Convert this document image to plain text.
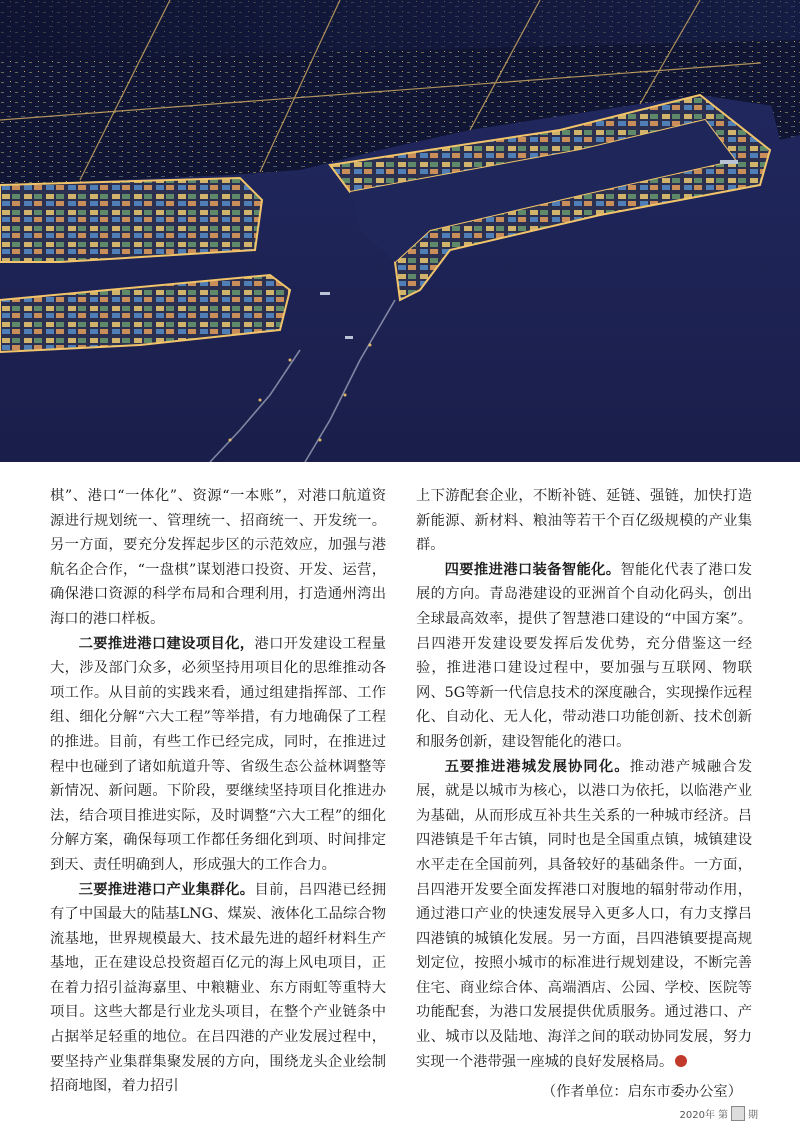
棋”、港口“一体化”、资源“一本账”，对港口航道资源进行规划统一、管理统一、招商统一、开发统一。另一方面，要充分发挥起步区的示范效应，加强与港航名企合作，“一盘棋”谋划港口投资、开发、运营，确保港口资源的科学布局和合理利用，打造通州湾出海口的港口样板。

二要推进港口建设项目化，港口开发建设工程量大，涉及部门众多，必须坚持用项目化的思维推动各项工作。从目前的实践来看，通过组建指挥部、工作组、细化分解“六大工程”等举措，有力地确保了工程的推进。目前，有些工作已经完成，同时，在推进过程中也碰到了诸如航道升等、省级生态公益林调整等新情况、新问题。下阶段，要继续坚持项目化推进办法，结合项目推进实际，及时调整“六大工程”的细化分解方案，确保每项工作都任务细化到项、时间排定到天、责任明确到人，形成强大的工作合力。

三要推进港口产业集群化。目前，吕四港已经拥有了中国最大的陆基LNG、煤炭、液体化工品综合物流基地，世界规模最大、技术最先进的超纤材料生产基地，正在建设总投资超百亿元的海上风电项目，正在着力招引益海嘉里、中粮糖业、东方雨虹等重特大项目。这些大都是行业龙头项目，在整个产业链条中占据举足轻重的地位。在吕四港的产业发展过程中，要坚持产业集群集聚发展的方向，围绕龙头企业绘制招商地图，着力招引

上下游配套企业，不断补链、延链、强链，加快打造新能源、新材料、粮油等若干个百亿级规模的产业集群。

四要推进港口装备智能化。智能化代表了港口发展的方向。青岛港建设的亚洲首个自动化码头，创出全球最高效率，提供了智慧港口建设的“中国方案”。吕四港开发建设要发挥后发优势，充分借鉴这一经验，推进港口建设过程中，要加强与互联网、物联网、5G等新一代信息技术的深度融合，实现操作远程化、自动化、无人化，带动港口功能创新、技术创新和服务创新，建设智能化的港口。

五要推进港城发展协同化。推动港产城融合发展，就是以城市为核心，以港口为依托，以临港产业为基础，从而形成互补共生关系的一种城市经济。吕四港镇是千年古镇，同时也是全国重点镇，城镇建设水平走在全国前列，具备较好的基础条件。一方面，吕四港开发要全面发挥港口对腹地的辐射带动作用，通过港口产业的快速发展导入更多人口，有力支撑吕四港镇的城镇化发展。另一方面，吕四港镇要提高规划定位，按照小城市的标准进行规划建设，不断完善住宅、商业综合体、高端酒店、公园、学校、医院等功能配套，为港口发展提供优质服务。通过港口、产业、城市以及陆地、海洋之间的联动协同发展，努力实现一个港带强一座城的良好发展格局。

（作者单位：启东市委办公室）

2020年 第 期
